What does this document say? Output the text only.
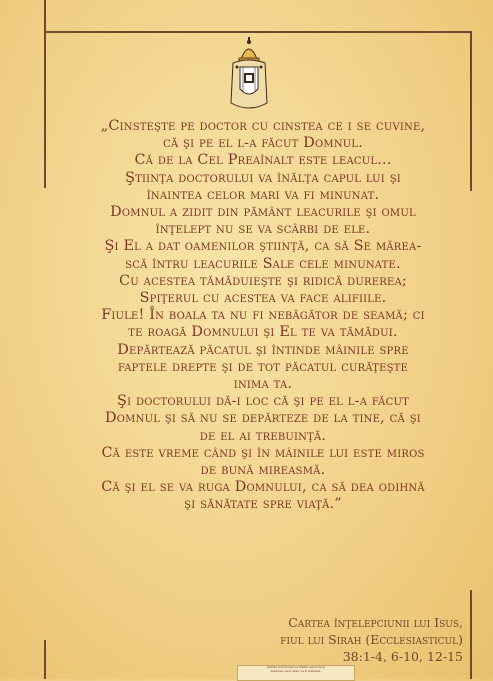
„Cinsteşte pe doctor cu cinstea ce i se cuvine,
că şi pe el l-a făcut Domnul.
Că de la Cel Preaînalt este leacul...
Ştiinţa doctorului va înălţa capul lui şi
înaintea celor mari va fi minunat.
Domnul a zidit din pământ leacurile şi omul
înţelept nu se va scârbi de ele.
Şi El a dat oamenilor ştiinţă, ca să Se mărea-
scă întru leacurile Sale cele minunate.
Cu acestea tămăduieşte şi ridică durerea;
Spiţerul cu acestea va face alifiile.
Fiule! În boala ta nu fi nebăgător de seamă; ci
te roagă Domnului şi El te va tămădui.
Depărtează păcatul şi întinde mâinile spre
faptele drepte şi de tot păcatul curăţeşte
inima ta.
Şi doctorului dă-i loc că şi pe el l-a făcut
Domnul şi să nu se depărteze de la tine, că şi
de el ai trebuinţă.
Că este vreme când şi în mâinile lui este miros
de bună mireasmă.
Că şi el se va ruga Domnului, ca să dea odihnă
şi sănătate spre viaţă.”
Cartea înţelepciunii lui Isus,
fiul lui Sirah (Ecclesiasticul)
38:1-4, 6-10, 12-15
Ştiinţa doctorului va înălţa capul lui şi
înaintea celor mari va fi minunat.
